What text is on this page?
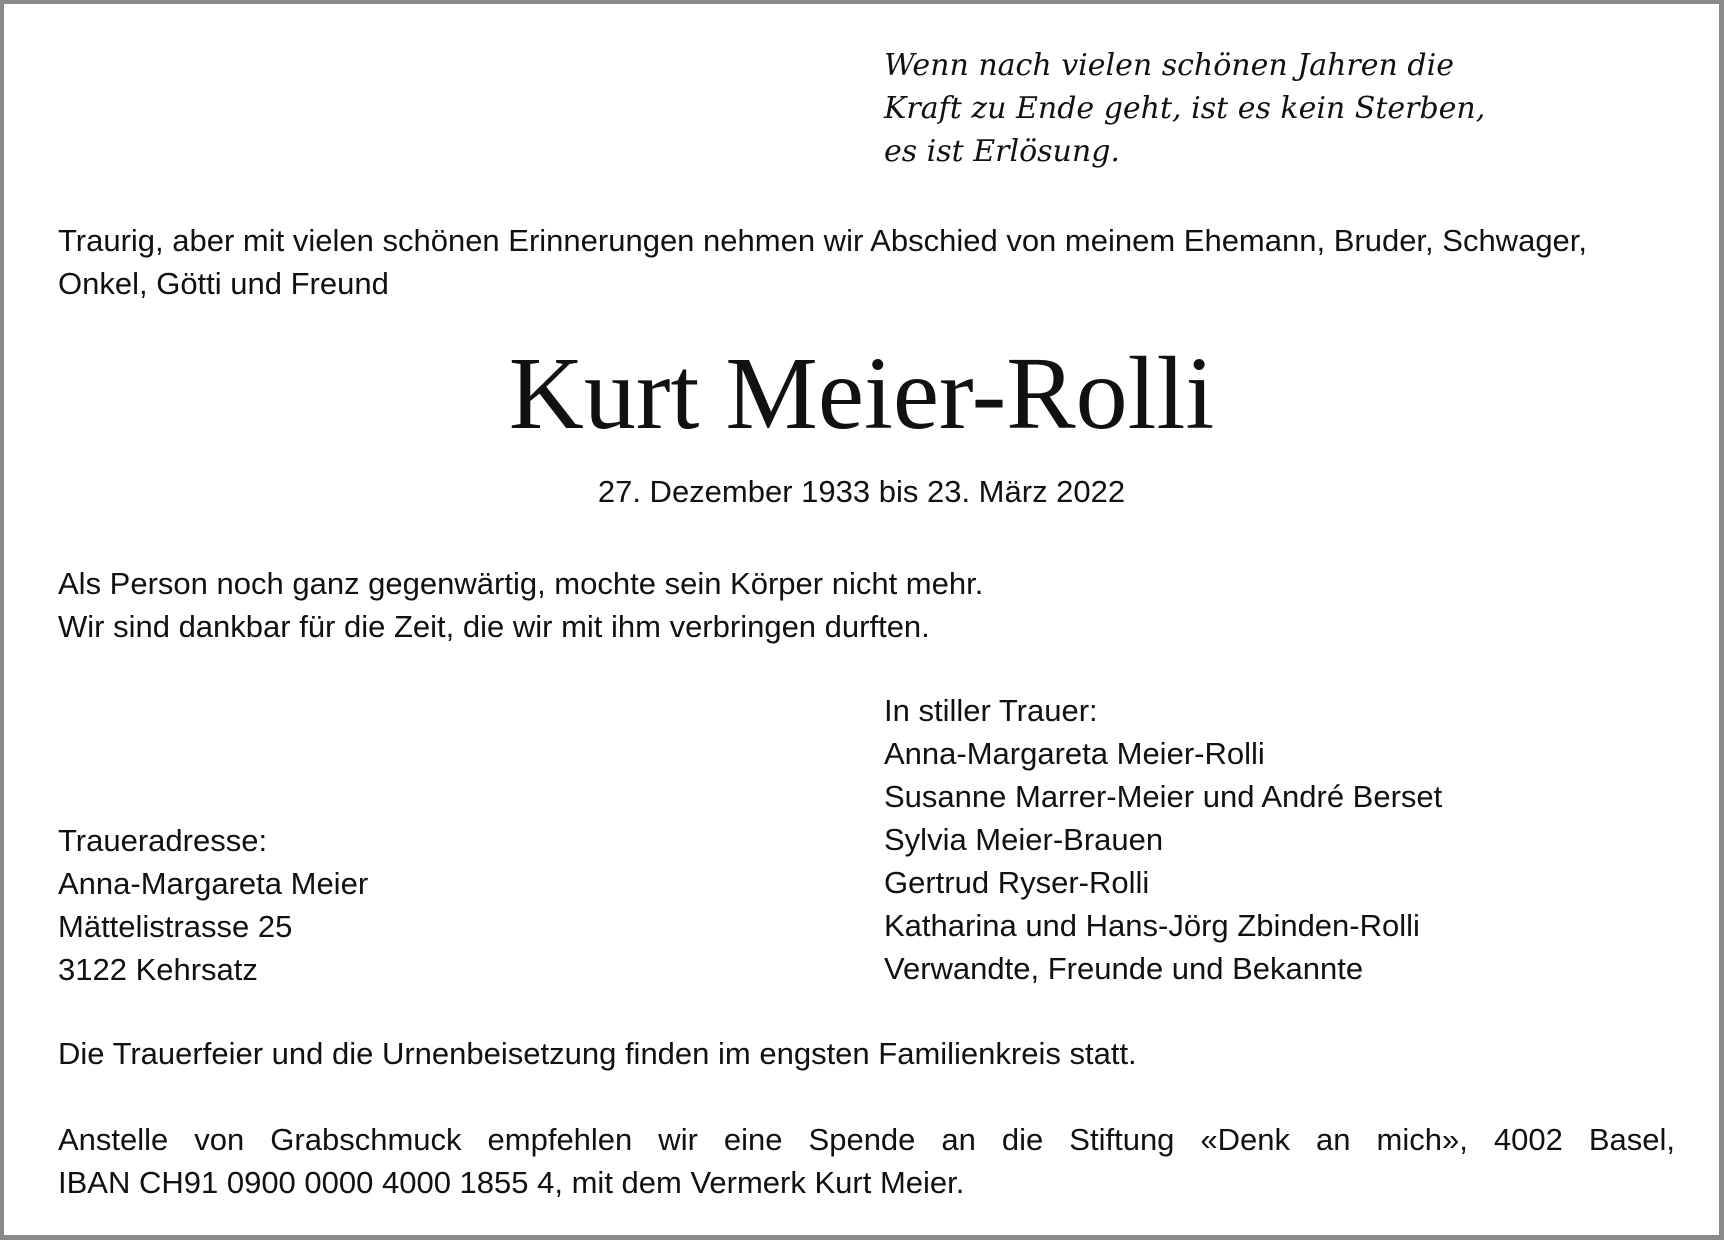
Wenn nach vielen schönen Jahren die
Kraft zu Ende geht, ist es kein Sterben,
es ist Erlösung.
Traurig, aber mit vielen schönen Erinnerungen nehmen wir Abschied von meinem Ehemann, Bruder, Schwager,
Onkel, Götti und Freund
Kurt Meier-Rolli
27. Dezember 1933 bis 23. März 2022
Als Person noch ganz gegenwärtig, mochte sein Körper nicht mehr.
Wir sind dankbar für die Zeit, die wir mit ihm verbringen durften.
In stiller Trauer:
Anna-Margareta Meier-Rolli
Susanne Marrer-Meier und André Berset
Sylvia Meier-Brauen
Gertrud Ryser-Rolli
Katharina und Hans-Jörg Zbinden-Rolli
Verwandte, Freunde und Bekannte
Traueradresse:
Anna-Margareta Meier
Mättelistrasse 25
3122 Kehrsatz
Die Trauerfeier und die Urnenbeisetzung finden im engsten Familienkreis statt.
Anstelle von Grabschmuck empfehlen wir eine Spende an die Stiftung «Denk an mich», 4002 Basel,
IBAN CH91 0900 0000 4000 1855 4, mit dem Vermerk Kurt Meier.
